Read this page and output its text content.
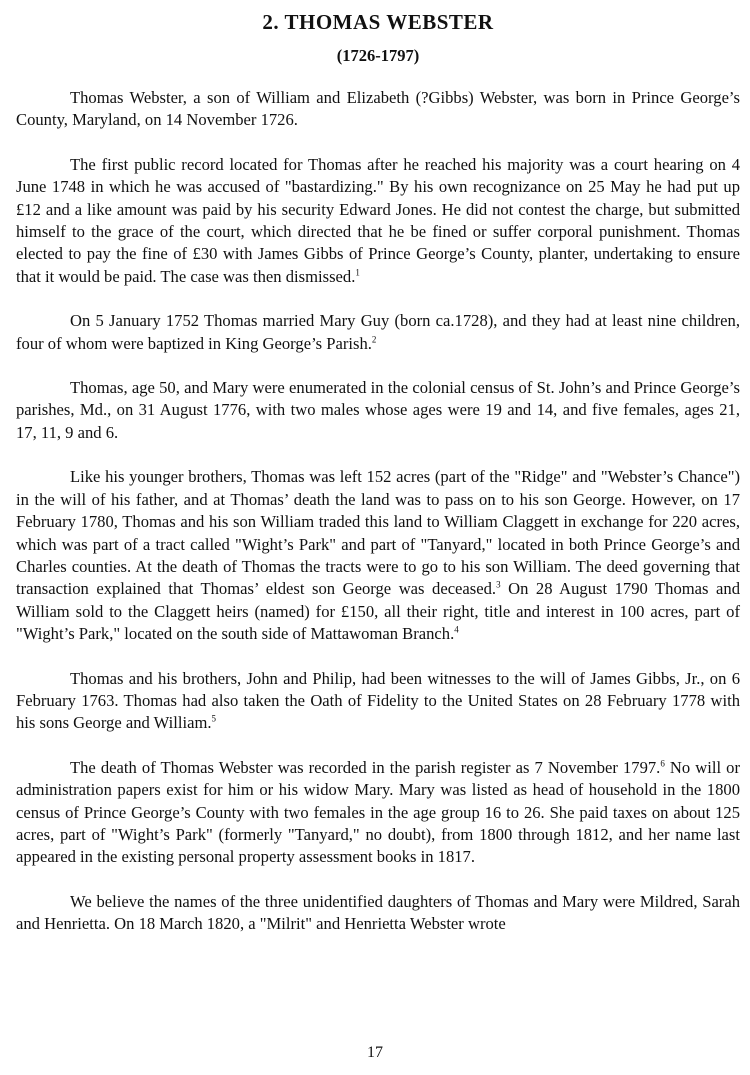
2. THOMAS WEBSTER
(1726-1797)

Thomas Webster, a son of William and Elizabeth (?Gibbs) Webster, was born in Prince George’s County, Maryland, on 14 November 1726.

The first public record located for Thomas after he reached his majority was a court hearing on 4 June 1748 in which he was accused of "bastardizing." By his own recognizance on 25 May he had put up £12 and a like amount was paid by his security Edward Jones. He did not contest the charge, but submitted himself to the grace of the court, which directed that he be fined or suffer corporal punishment. Thomas elected to pay the fine of £30 with James Gibbs of Prince George’s County, planter, undertaking to ensure that it would be paid. The case was then dismissed.$^1$

On 5 January 1752 Thomas married Mary Guy (born ca.1728), and they had at least nine children, four of whom were baptized in King George’s Parish.$^2$

Thomas, age 50, and Mary were enumerated in the colonial census of St. John’s and Prince George’s parishes, Md., on 31 August 1776, with two males whose ages were 19 and 14, and five females, ages 21, 17, 11, 9 and 6.

Like his younger brothers, Thomas was left 152 acres (part of the "Ridge" and "Webster’s Chance") in the will of his father, and at Thomas’ death the land was to pass on to his son George. However, on 17 February 1780, Thomas and his son William traded this land to William Claggett in exchange for 220 acres, which was part of a tract called "Wight’s Park" and part of "Tanyard," located in both Prince George’s and Charles counties. At the death of Thomas the tracts were to go to his son William. The deed governing that transaction explained that Thomas’ eldest son George was deceased.$^3$ On 28 August 1790 Thomas and William sold to the Claggett heirs (named) for £150, all their right, title and interest in 100 acres, part of "Wight’s Park," located on the south side of Mattawoman Branch.$^4$

Thomas and his brothers, John and Philip, had been witnesses to the will of James Gibbs, Jr., on 6 February 1763. Thomas had also taken the Oath of Fidelity to the United States on 28 February 1778 with his sons George and William.$^5$

The death of Thomas Webster was recorded in the parish register as 7 November 1797.$^6$ No will or administration papers exist for him or his widow Mary. Mary was listed as head of household in the 1800 census of Prince George’s County with two females in the age group 16 to 26. She paid taxes on about 125 acres, part of "Wight’s Park" (formerly "Tanyard," no doubt), from 1800 through 1812, and her name last appeared in the existing personal property assessment books in 1817.

We believe the names of the three unidentified daughters of Thomas and Mary were Mildred, Sarah and Henrietta. On 18 March 1820, a "Milrit" and Henrietta Webster wrote

17
